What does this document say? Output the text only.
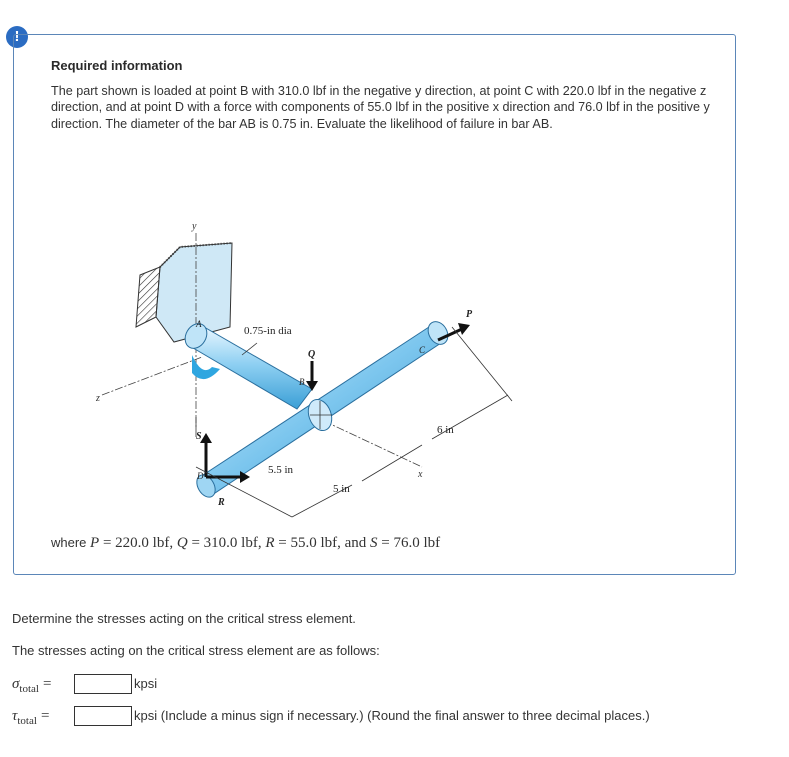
!
Required information
The part shown is loaded at point B with 310.0 lbf in the negative y direction, at point C with 220.0 lbf in the negative z direction, and at point D with a force with components of 55.0 lbf in the positive x direction and 76.0 lbf in the positive y direction. The diameter of the bar AB is 0.75 in. Evaluate the likelihood of failure in bar AB.
y
z
x
A
B
C
D
P
Q
R
S
0.75-in dia
5.5 in
5 in
6 in
where P = 220.0 lbf, Q = 310.0 lbf, R = 55.0 lbf, and S = 76.0 lbf
Determine the stresses acting on the critical stress element.
The stresses acting on the critical stress element are as follows:
$\sigma_{total}$ =	kpsi
$\tau_{total}$ =	kpsi (Include a minus sign if necessary.) (Round the final answer to three decimal places.)
